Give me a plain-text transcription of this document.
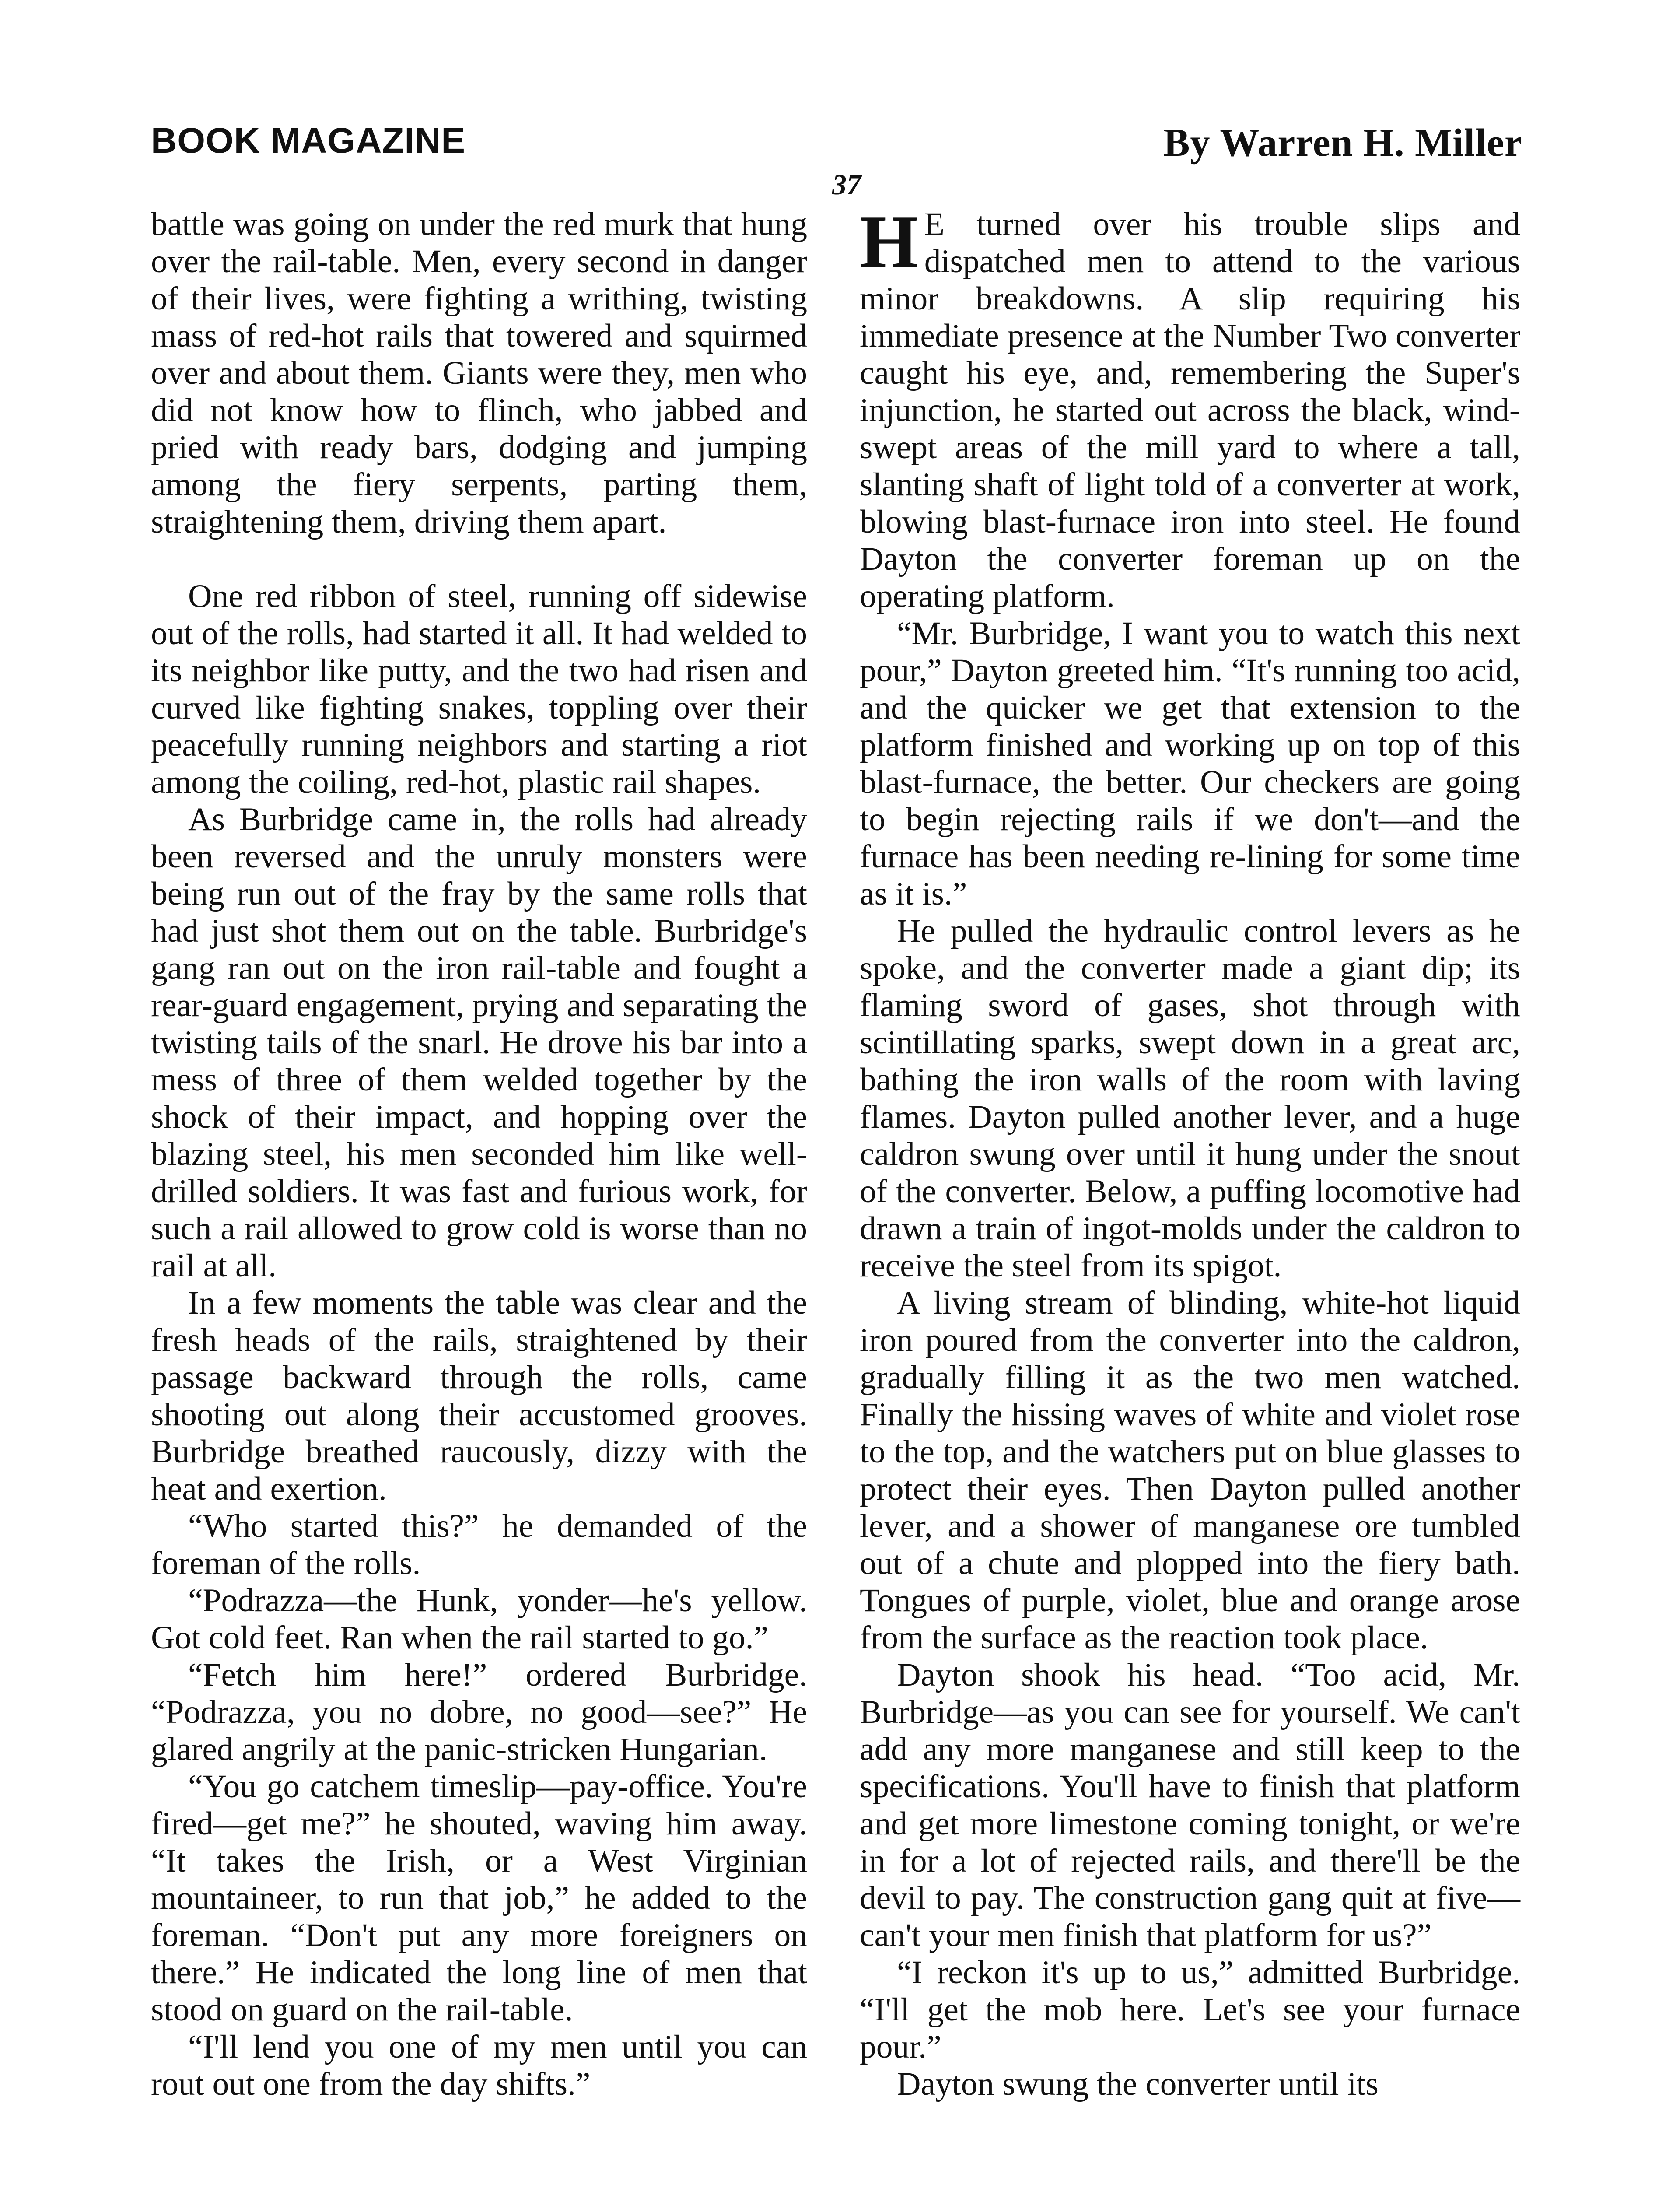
BOOK MAGAZINE	By Warren H. Miller
37

battle was going on under the red murk that hung over the rail-table. Men, every second in danger of their lives, were fighting a writhing, twisting mass of red-hot rails that towered and squirmed over and about them. Giants were they, men who did not know how to flinch, who jabbed and pried with ready bars, dodging and jumping among the fiery serpents, parting them, straightening them, driving them apart.

One red ribbon of steel, running off sidewise out of the rolls, had started it all. It had welded to its neighbor like putty, and the two had risen and curved like fighting snakes, toppling over their peacefully running neighbors and starting a riot among the coiling, red-hot, plastic rail shapes.

As Burbridge came in, the rolls had already been reversed and the unruly monsters were being run out of the fray by the same rolls that had just shot them out on the table. Burbridge's gang ran out on the iron rail-table and fought a rear-guard engagement, prying and separating the twisting tails of the snarl. He drove his bar into a mess of three of them welded together by the shock of their impact, and hopping over the blazing steel, his men seconded him like well-drilled soldiers. It was fast and furious work, for such a rail allowed to grow cold is worse than no rail at all.

In a few moments the table was clear and the fresh heads of the rails, straightened by their passage backward through the rolls, came shooting out along their accustomed grooves. Burbridge breathed raucously, dizzy with the heat and exertion.

“Who started this?” he demanded of the foreman of the rolls.

“Podrazza—the Hunk, yonder—he's yellow. Got cold feet. Ran when the rail started to go.”

“Fetch him here!” ordered Burbridge. “Podrazza, you no dobre, no good—see?” He glared angrily at the panic-stricken Hungarian.

“You go catchem timeslip—pay-office. You're fired—get me?” he shouted, waving him away. “It takes the Irish, or a West Virginian mountaineer, to run that job,” he added to the foreman. “Don't put any more foreigners on there.” He indicated the long line of men that stood on guard on the rail-table.

“I'll lend you one of my men until you can rout out one from the day shifts.”

H E turned over his trouble slips and dispatched men to attend to the various minor breakdowns. A slip requiring his immediate presence at the Number Two converter caught his eye, and, remembering the Super's injunction, he started out across the black, wind-swept areas of the mill yard to where a tall, slanting shaft of light told of a converter at work, blowing blast-furnace iron into steel. He found Dayton the converter foreman up on the operating platform.

“Mr. Burbridge, I want you to watch this next pour,” Dayton greeted him. “It's running too acid, and the quicker we get that extension to the platform finished and working up on top of this blast-furnace, the better. Our checkers are going to begin rejecting rails if we don't—and the furnace has been needing re-lining for some time as it is.”

He pulled the hydraulic control levers as he spoke, and the converter made a giant dip; its flaming sword of gases, shot through with scintillating sparks, swept down in a great arc, bathing the iron walls of the room with laving flames. Dayton pulled another lever, and a huge caldron swung over until it hung under the snout of the converter. Below, a puffing locomotive had drawn a train of ingot-molds under the caldron to receive the steel from its spigot.

A living stream of blinding, white-hot liquid iron poured from the converter into the caldron, gradually filling it as the two men watched. Finally the hissing waves of white and violet rose to the top, and the watchers put on blue glasses to protect their eyes. Then Dayton pulled another lever, and a shower of manganese ore tumbled out of a chute and plopped into the fiery bath. Tongues of purple, violet, blue and orange arose from the surface as the reaction took place.

Dayton shook his head. “Too acid, Mr. Burbridge—as you can see for yourself. We can't add any more manganese and still keep to the specifications. You'll have to finish that platform and get more limestone coming tonight, or we're in for a lot of rejected rails, and there'll be the devil to pay. The construction gang quit at five—can't your men finish that platform for us?”

“I reckon it's up to us,” admitted Burbridge. “I'll get the mob here. Let's see your furnace pour.”

Dayton swung the converter until its
